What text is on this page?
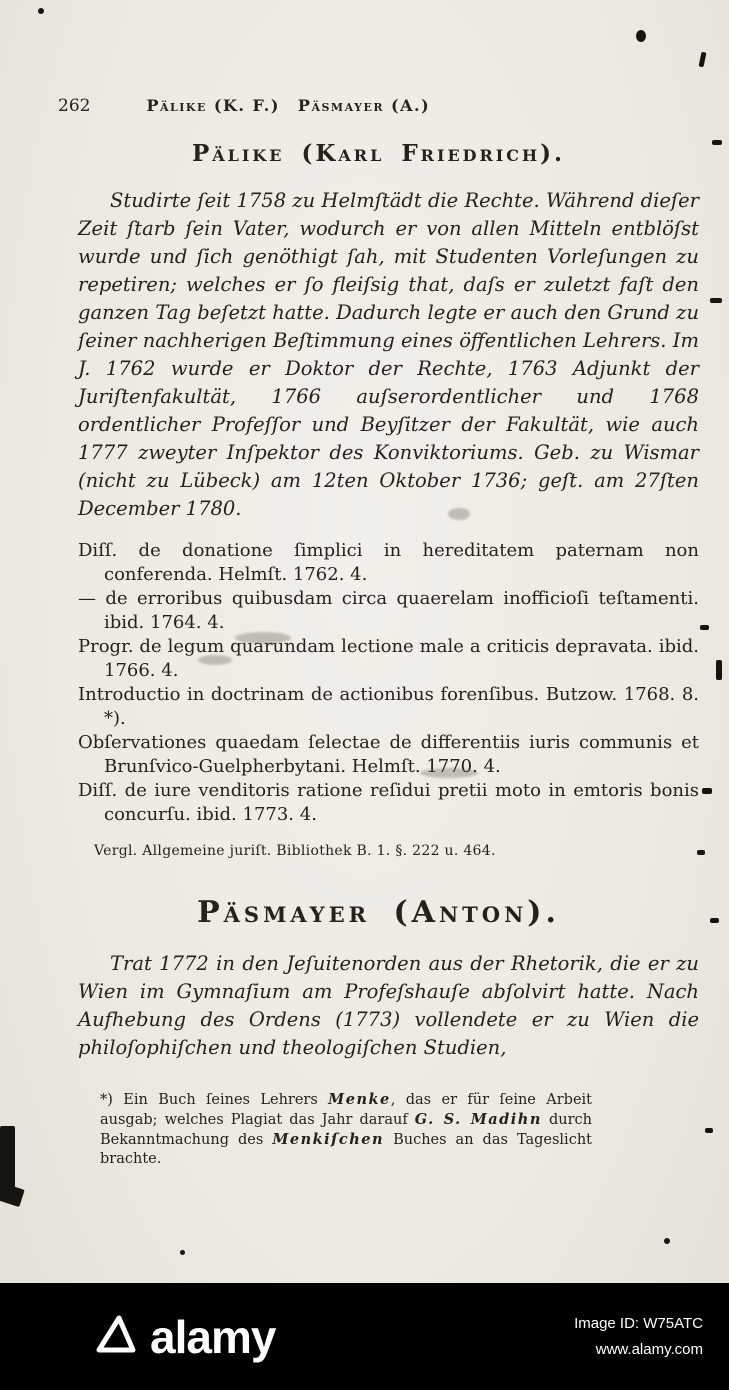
262	Pälike (K. F.) Päsmayer (A.)
Pälike (Karl Friedrich).

Studirte ſeit 1758 zu Helmſtädt die Rechte. Während dieſer Zeit ſtarb ſein Vater, wodurch er von allen Mitteln entblöſst wurde und ſich genöthigt ſah, mit Studenten Vorleſungen zu repetiren; welches er ſo fleiſsig that, daſs er zuletzt faſt den ganzen Tag beſetzt hatte. Dadurch legte er auch den Grund zu ſeiner nachherigen Beſtimmung eines öffentlichen Lehrers. Im J. 1762 wurde er Doktor der Rechte, 1763 Adjunkt der Juriſtenfakultät, 1766 auſserordentlicher und 1768 ordentlicher Profeſſor und Beyſitzer der Fakultät, wie auch 1777 zweyter Inſpektor des Konviktoriums. Geb. zu Wismar (nicht zu Lübeck) am 12ten Oktober 1736; geſt. am 27ſten December 1780.

Diſſ. de donatione ſimplici in hereditatem paternam non conferenda. Helmſt. 1762. 4.
— de erroribus quibusdam circa quaerelam inofficioſi teſtamenti. ibid. 1764. 4.
Progr. de legum quarundam lectione male a criticis depravata. ibid. 1766. 4.
Introductio in doctrinam de actionibus forenſibus. Butzow. 1768. 8. *).
Obſervationes quaedam ſelectae de differentiis iuris communis et Brunſvico-Guelpherbytani. Helmſt. 1770. 4.
Diſſ. de iure venditoris ratione reſidui pretii moto in emtoris bonis concurſu. ibid. 1773. 4.

Vergl. Allgemeine juriſt. Bibliothek B. 1. §. 222 u. 464.

Päsmayer (Anton).

Trat 1772 in den Jeſuitenorden aus der Rhetorik, die er zu Wien im Gymnaſium am Profeſshauſe abſolvirt hatte. Nach Aufhebung des Ordens (1773) vollendete er zu Wien die philoſophiſchen und theologiſchen Studien,

*) Ein Buch ſeines Lehrers Menke, das er für ſeine Arbeit ausgab; welches Plagiat das Jahr darauf G. S. Madihn durch Bekanntmachung des Menkiſchen Buches an das Tageslicht brachte.
alamy	Image ID: W75ATC
www.alamy.com
